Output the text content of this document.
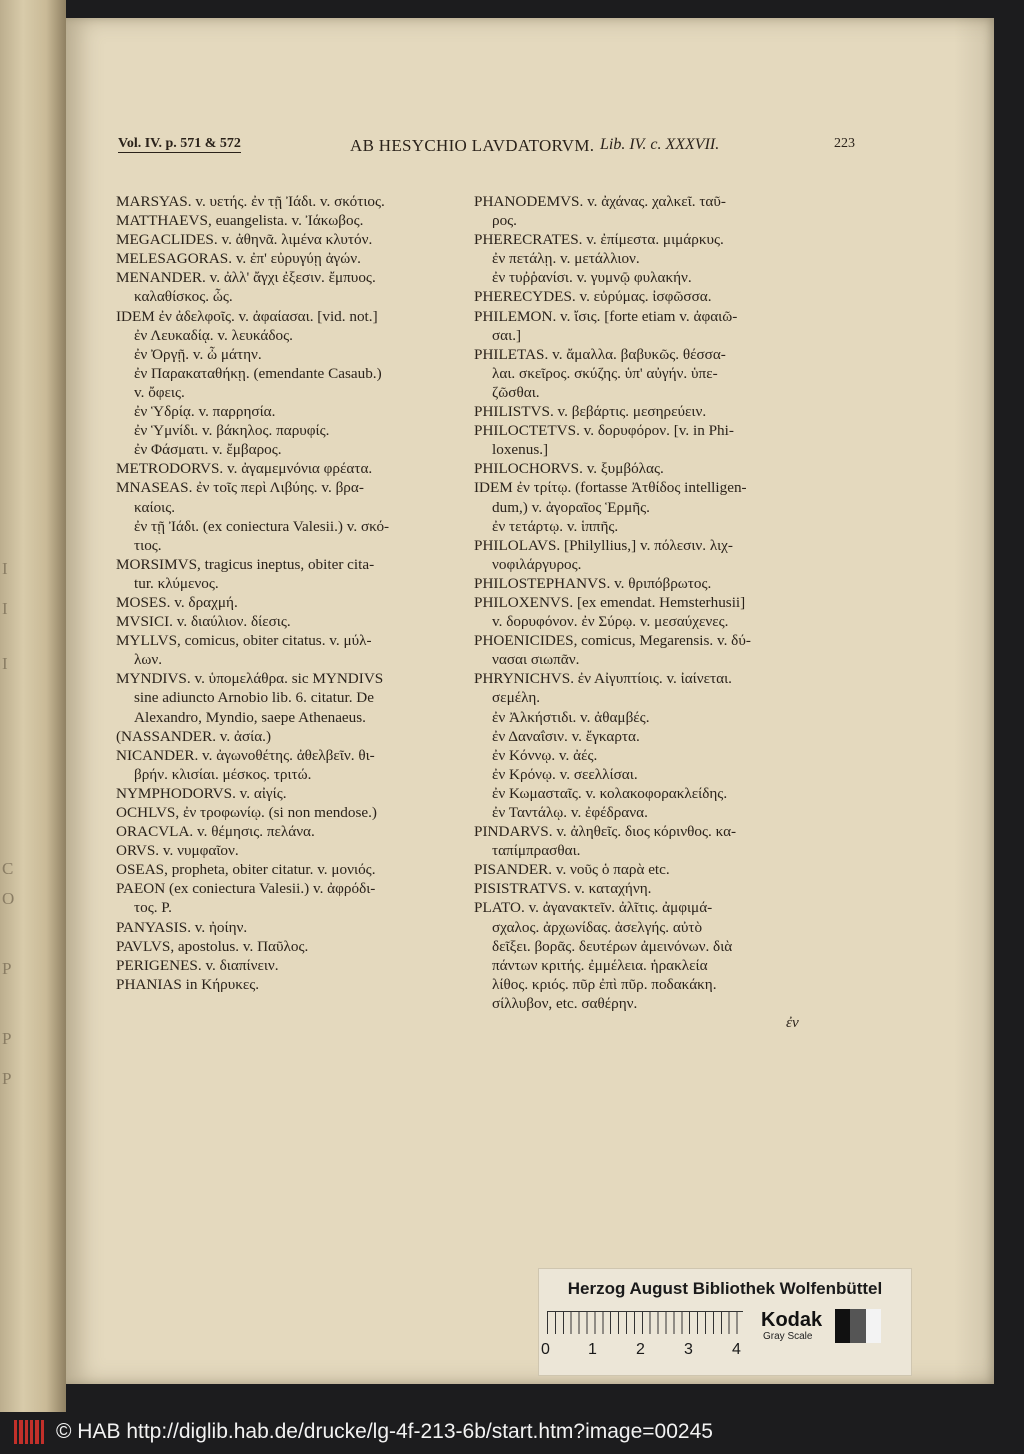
I
I
I
C
O
P
P
P
Vol. IV. p. 571 & 572	AB HESYCHIO LAVDATORVM. Lib. IV. c. XXXVII.	223
MARSYAS. v. υετής. ἐν τῇ Ἰάδι. v. σκότιος.
MATTHAEVS, euangelista. v. Ἰάκωβος.
MEGACLIDES. v. ἀθηνᾶ. λιμένα κλυτόν.
MELESAGORAS. v. ἐπ' εὐρυγύῃ ἀγών.
MENANDER. v. ἀλλ' ἄγχι ἐξεσιν. ἔμπυος.
καλαθίσκος. ὦς.
IDEM ἐν ἀδελφοῖς. v. ἀφαίασαι. [vid. not.]
ἐν Λευκαδίᾳ. v. λευκάδος.
ἐν Ὀργῇ. v. ὦ μάτην.
ἐν Παρακαταθήκῃ. (emendante Casaub.)
v. ὄφεις.
ἐν Ὑδρίᾳ. v. παρρησία.
ἐν Ὑμνίδι. v. βάκηλος. παρυφίς.
ἐν Φάσματι. v. ἔμβαρος.
METRODORVS. v. ἀγαμεμνόνια φρέατα.
MNASEAS. ἐν τοῖς περὶ Λιβύης. v. βρα-
καίοις.
ἐν τῇ Ἰάδι. (ex coniectura Valesii.) v. σκό-
τιος.
MORSIMVS, tragicus ineptus, obiter cita-
tur. κλύμενος.
MOSES. v. δραχμή.
MVSICI. v. διαύλιον. δίεσις.
MYLLVS, comicus, obiter citatus. v. μύλ-
λων.
MYNDIVS. v. ὑπομελάθρα. sic MYNDIVS
sine adiuncto Arnobio lib. 6. citatur. De
Alexandro, Myndio, saepe Athenaeus.
(NASSANDER. v. ἀσία.)
NICANDER. v. ἀγωνοθέτης. ἀθελβεῖν. θι-
βρήν. κλισίαι. μέσκος. τριτώ.
NYMPHODORVS. v. αἰγίς.
OCHLVS, ἐν τροφωνίῳ. (si non mendose.)
ORACVLA. v. θέμησις. πελάνα.
ORVS. v. νυμφαῖον.
OSEAS, propheta, obiter citatur. v. μονιός.
PAEON (ex coniectura Valesii.) v. ἀφρόδι-
τος. P.
PANYASIS. v. ἠοίην.
PAVLVS, apostolus. v. Παῦλος.
PERIGENES. v. διαπίνειν.
PHANIAS in Κήρυκες.
PHANODEMVS. v. ἀχάνας. χαλκεῖ. ταῦ-
ρος.
PHERECRATES. v. ἐπίμεστα. μιμάρκυς.
ἐν πετάλῃ. v. μετάλλιον.
ἐν τυῤῥανίσι. v. γυμνῷ φυλακήν.
PHERECYDES. v. εὐρύμας. ἰσφῶσσα.
PHILEMON. v. ἴσις. [forte etiam v. ἀφαιῶ-
σαι.]
PHILETAS. v. ἄμαλλα. βαβυκῶς. θέσσα-
λαι. σκεῖρος. σκύζης. ὑπ' αὐγήν. ὑπε-
ζῶσθαι.
PHILISTVS. v. βεβάρτις. μεσηρεύειν.
PHILOCTETVS. v. δορυφόρον. [v. in Phi-
loxenus.]
PHILOCHORVS. v. ξυμβόλας.
IDEM ἐν τρίτῳ. (fortasse Ἀτθίδος intelligen-
dum,) v. ἀγοραῖος Ἑρμῆς.
ἐν τετάρτῳ. v. ἱππῆς.
PHILOLAVS. [Philyllius,] v. πόλεσιν. λιχ-
νοφιλάργυρος.
PHILOSTEPHANVS. v. θριπόβρωτος.
PHILOXENVS. [ex emendat. Hemsterhusii]
v. δορυφόνον. ἐν Σύρῳ. v. μεσαύχενες.
PHOENICIDES, comicus, Megarensis. v. δύ-
νασαι σιωπᾶν.
PHRYNICHVS. ἐν Αἰγυπτίοις. v. ἰαίνεται.
σεμέλη.
ἐν Ἀλκήστιδι. v. ἀθαμβές.
ἐν Δαναΐσιν. v. ἔγκαρτα.
ἐν Κόννῳ. v. ἀές.
ἐν Κρόνῳ. v. σεελλίσαι.
ἐν Κωμασταῖς. v. κολακοφορακλείδης.
ἐν Ταντάλῳ. v. ἐφέδρανα.
PINDARVS. v. ἀληθεῖς. διος κόρινθος. κα-
ταπίμπρασθαι.
PISANDER. v. νοῦς ὁ παρὰ etc.
PISISTRATVS. v. καταχήνη.
PLATO. v. ἀγανακτεῖν. ἀλῖτις. ἀμφιμά-
σχαλος. ἀρχωνίδας. ἀσελγής. αὐτὸ
δεῖξει. βορᾶς. δευτέρων ἀμεινόνων. διὰ
πάντων κριτής. ἐμμέλεια. ἡρακλεία
λίθος. κριός. πῦρ ἐπὶ πῦρ. ποδακάκη.
σίλλυβον, etc. σαθέρην.
ἐν
Herzog August Bibliothek Wolfenbüttel
0 1 2 3 4
Kodak
Gray Scale
© HAB http://diglib.hab.de/drucke/lg-4f-213-6b/start.htm?image=00245
